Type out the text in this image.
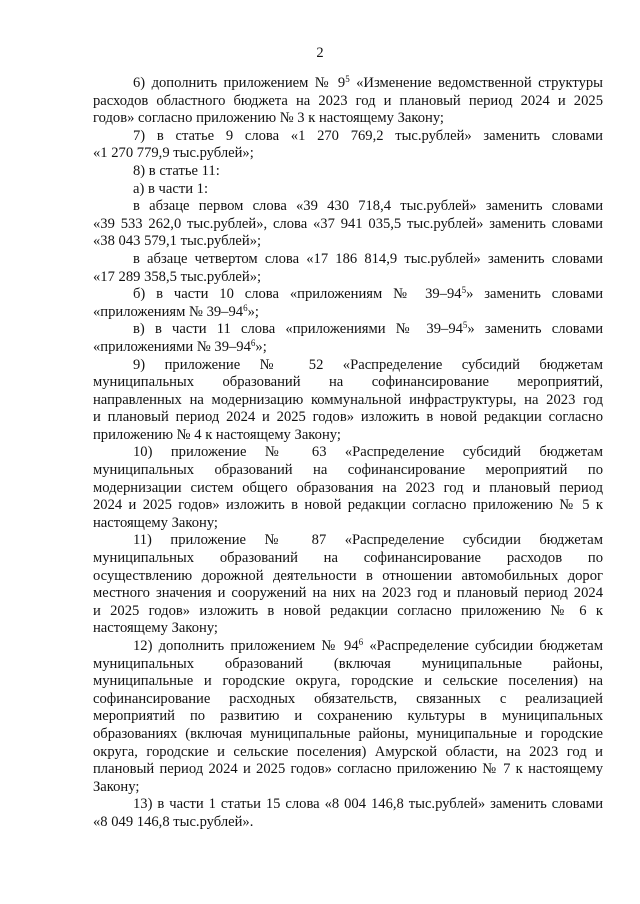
2
6) дополнить приложением № $9^5$ «Изменение ведомственной структуры
расходов областного бюджета на 2023 год и плановый период 2024 и 2025
годов» согласно приложению № 3 к настоящему Закону;
7) в статье 9 слова «1 270 769,2 тыс.рублей» заменить словами
«1 270 779,9 тыс.рублей»;
8) в статье 11:
а) в части 1:
в абзаце первом слова «39 430 718,4 тыс.рублей» заменить словами
«39 533 262,0 тыс.рублей», слова «37 941 035,5 тыс.рублей» заменить словами
«38 043 579,1 тыс.рублей»;
в абзаце четвертом слова «17 186 814,9 тыс.рублей» заменить словами
«17 289 358,5 тыс.рублей»;
б) в части 10 слова «приложениям № $39-94^5$» заменить словами
«приложениям № $39-94^6$»;
в) в части 11 слова «приложениями № $39-94^5$» заменить словами
«приложениями № $39-94^6$»;
9) приложение № 52 «Распределение субсидий бюджетам
муниципальных образований на софинансирование мероприятий,
направленных на модернизацию коммунальной инфраструктуры, на 2023 год
и плановый период 2024 и 2025 годов» изложить в новой редакции согласно
приложению № 4 к настоящему Закону;
10) приложение № 63 «Распределение субсидий бюджетам
муниципальных образований на софинансирование мероприятий по
модернизации систем общего образования на 2023 год и плановый период
2024 и 2025 годов» изложить в новой редакции согласно приложению № 5 к
настоящему Закону;
11) приложение № 87 «Распределение субсидии бюджетам
муниципальных образований на софинансирование расходов по
осуществлению дорожной деятельности в отношении автомобильных дорог
местного значения и сооружений на них на 2023 год и плановый период 2024
и 2025 годов» изложить в новой редакции согласно приложению № 6 к
настоящему Закону;
12) дополнить приложением № $94^6$ «Распределение субсидии бюджетам
муниципальных образований (включая муниципальные районы,
муниципальные и городские округа, городские и сельские поселения) на
софинансирование расходных обязательств, связанных с реализацией
мероприятий по развитию и сохранению культуры в муниципальных
образованиях (включая муниципальные районы, муниципальные и городские
округа, городские и сельские поселения) Амурской области, на 2023 год и
плановый период 2024 и 2025 годов» согласно приложению № 7 к настоящему
Закону;
13) в части 1 статьи 15 слова «8 004 146,8 тыс.рублей» заменить словами
«8 049 146,8 тыс.рублей».
